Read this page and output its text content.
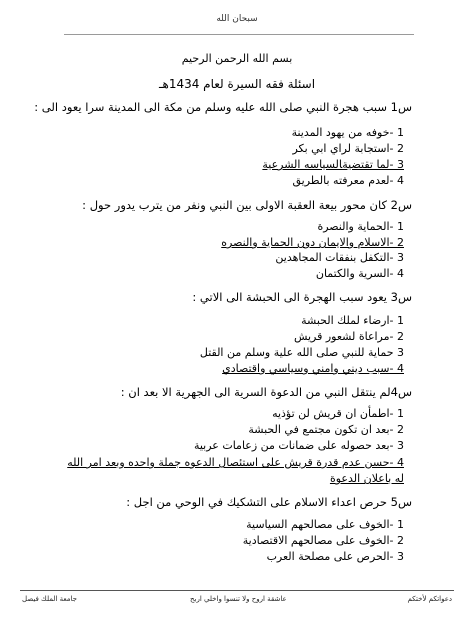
سبحان الله
بسم الله الرحمن الرحيم
اسئلة فقه السيرة لعام 1434هـ
س1 سبب هجرة النبي صلى الله عليه وسلم من مكة الى المدينة سرا يعود الى :
1 -خوفه من يهود المدينة
2 -استجابة لراي ابي بكر
3 -لما تقتضية‍السياسه الشرعية
4 -لعدم معرفته بالطريق
س2 كان محور بيعة العقبة الاولى بين النبي ونفر من يترب يدور حول :
1 -الحماية والنصرة
2 -الاسلام والايمان دون الحماية والنصره
3 -التكفل بنفقات المجاهدين
4 -السرية والكتمان
س3 يعود سبب الهجرة الى الحبشة الى الاتي :
1 -ارضاء لملك الحبشة
2 -مراعاة لشعور قريش
3 حماية للنبي صلى الله علية وسلم من القتل
4 -سبب ديني وامني وسياسي واقتصادي
س4لم ينتقل النبي من الدعوة السرية الى الجهرية الا بعد ان :
1 -اطمأن ان قريش لن تؤذيه
2 -بعد ان تكون مجتمع في الحبشة
3 -بعد حصوله على ضمانات من زعامات عربية
4 -حسن عدم قدرة قريش على استئصال الدعوه جملة واحده وبعد امر الله له باعلان الدعوة
س5 حرص اعداء الاسلام على التشكيك في الوحي من اجل :
1 -الخوف على مصالحهم السياسية
2 -الخوف على مصالحهم الاقتصادية
3 -الحرص على مصلحة العرب
دعواتكم لأختكم
عاشقة اروح ولا تنسوا واخلي اربح
جامعة الملك فيصل
